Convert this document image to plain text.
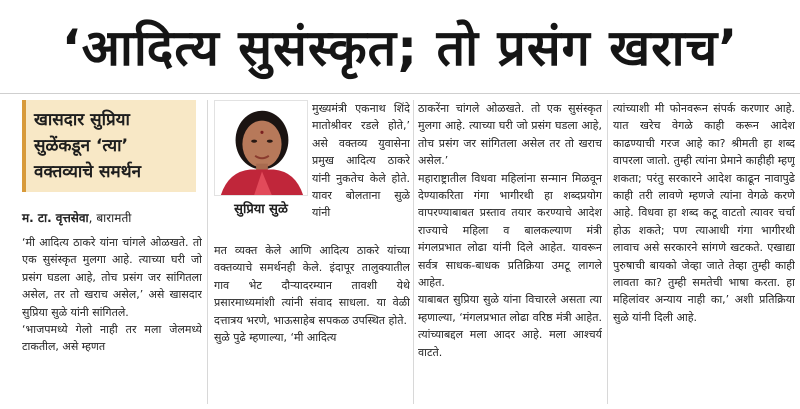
‘आदित्य सुसंस्कृत; तो प्रसंग खराच’
खासदार सुप्रिया सुळेंकडून ‘त्या’ वक्तव्याचे समर्थन
सुप्रिया सुळे
म. टा. वृत्तसेवा, बारामती

‘मी आदित्य ठाकरे यांना चांगले ओळखते. तो एक सुसंस्कृत मुलगा आहे. त्याच्या घरी जो प्रसंग घडला आहे, तोच प्रसंग जर सांगितला असेल, तर तो खराच असेल,’ असे खासदार सुप्रिया सुळे यांनी सांगितले.

‘भाजपमध्ये गेलो नाही तर मला जेलमध्ये टाकतील, असे म्हणत

मुख्यमंत्री एकनाथ शिंदे मातोश्रीवर रडले होते,’ असे वक्तव्य युवासेना प्रमुख आदित्य ठाकरे यांनी नुकतेच केले होते. यावर बोलताना सुळे यांनी

मत व्यक्त केले आणि आदित्य ठाकरे यांच्या वक्तव्याचे समर्थनही केले. इंदापूर तालुक्यातील गाव भेट दौऱ्यादरम्यान तावशी येथे प्रसारमाध्यमांशी त्यांनी संवाद साधला. या वेळी दत्तात्रय भरणे, भाऊसाहेब सपकळ उपस्थित होते.

सुळे पुढे म्हणाल्या, ‘मी आदित्य

ठाकरेंना चांगले ओळखते. तो एक सुसंस्कृत मुलगा आहे. त्याच्या घरी जो प्रसंग घडला आहे, तोच प्रसंग जर सांगितला असेल तर तो खराच असेल.’

महाराष्ट्रातील विधवा महिलांना सन्मान मिळवून देण्याकरिता गंगा भागीरथी हा शब्दप्रयोग वापरण्याबाबत प्रस्ताव तयार करण्याचे आदेश राज्याचे महिला व बालकल्याण मंत्री मंगलप्रभात लोढा यांनी दिले आहेत. यावरून सर्वत्र साधक-बाधक प्रतिक्रिया उमटू लागले आहेत.

याबाबत सुप्रिया सुळे यांना विचारले असता त्या म्हणाल्या, ‘मंगलप्रभात लोढा वरिष्ठ मंत्री आहेत. त्यांच्याबद्दल मला आदर आहे. मला आश्चर्य वाटते.

त्यांच्याशी मी फोनवरून संपर्क करणार आहे. यात खरेच वेगळे काही करून आदेश काढण्याची गरज आहे का? श्रीमती हा शब्द वापरला जातो. तुम्ही त्यांना प्रेमाने काहीही म्हणू शकता; परंतु सरकारने आदेश काढून नावापुढे काही तरी लावणे म्हणजे त्यांना वेगळे करणे आहे. विधवा हा शब्द कटू वाटतो त्यावर चर्चा होऊ शकते; पण त्याआधी गंगा भागीरथी लावाच असे सरकारने सांगणे खटकते. एखाद्या पुरुषाची बायको जेव्हा जाते तेव्हा तुम्ही काही लावता का? तुम्ही समतेची भाषा करता. हा महिलांवर अन्याय नाही का,’ अशी प्रतिक्रिया सुळे यांनी दिली आहे.
